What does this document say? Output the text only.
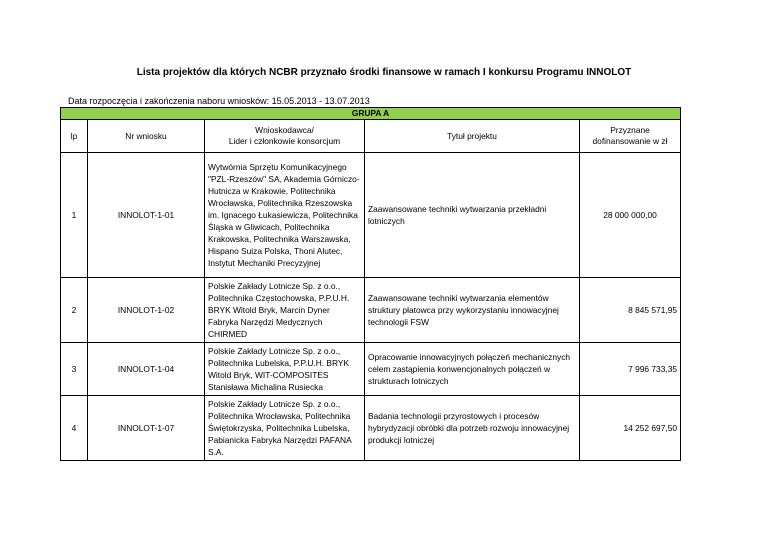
Lista projektów dla których NCBR przyznało środki finansowe w ramach I konkursu Programu INNOLOT
Data rozpoczęcia i zakończenia naboru wniosków: 15.05.2013 - 13.07.2013
GRUPA A				
lp	Nr wniosku	Wnioskodawca/
Lider i członkowie konsorcjum	Tytuł projektu	Przyznane
dofinansowanie w zł
1	INNOLOT-1-01	Wytwórnia Sprzętu Komunikacyjnego "PZL-Rzeszów" SA, Akademia Górniczo-Hutnicza w Krakowie, Politechnika Wrocławska, Politechnika Rzeszowska im. Ignacego Łukasiewicza, Politechnika Śląska w Gliwicach, Politechnika Krakowska, Politechnika Warszawska, Hispano Suiza Polska, Thoni Alutec, Instytut Mechaniki Precyzyjnej	Zaawansowane techniki wytwarzania przekładni lotniczych	28 000 000,00
2	INNOLOT-1-02	Polskie Zakłady Lotnicze Sp. z o.o., Politechnika Częstochowska, P.P.U.H. BRYK Witold Bryk, Marcin Dyner Fabryka Narzędzi Medycznych CHIRMED	Zaawansowane techniki wytwarzania elementów struktury płatowca przy wykorzystaniu innowacyjnej technologii FSW	8 845 571,95
3	INNOLOT-1-04	Polskie Zakłady Lotnicze Sp. z o.o., Politechnika Lubelska, P.P.U.H. BRYK Witold Bryk, WIT-COMPOSITES Stanisława Michalina Rusiecka	Opracowanie innowacyjnych połączeń mechanicznych celem zastąpienia konwencjonalnych połączeń w strukturach lotniczych	7 996 733,35
4	INNOLOT-1-07	Polskie Zakłady Lotnicze Sp. z o.o., Politechnika Wrocławska, Politechnika Świętokrzyska, Politechnika Lubelska, Pabianicka Fabryka Narzędzi PAFANA S.A.	Badania technologii przyrostowych i procesów hybrydyzacji obróbki dla potrzeb rozwoju innowacyjnej produkcji lotniczej	14 252 697,50
